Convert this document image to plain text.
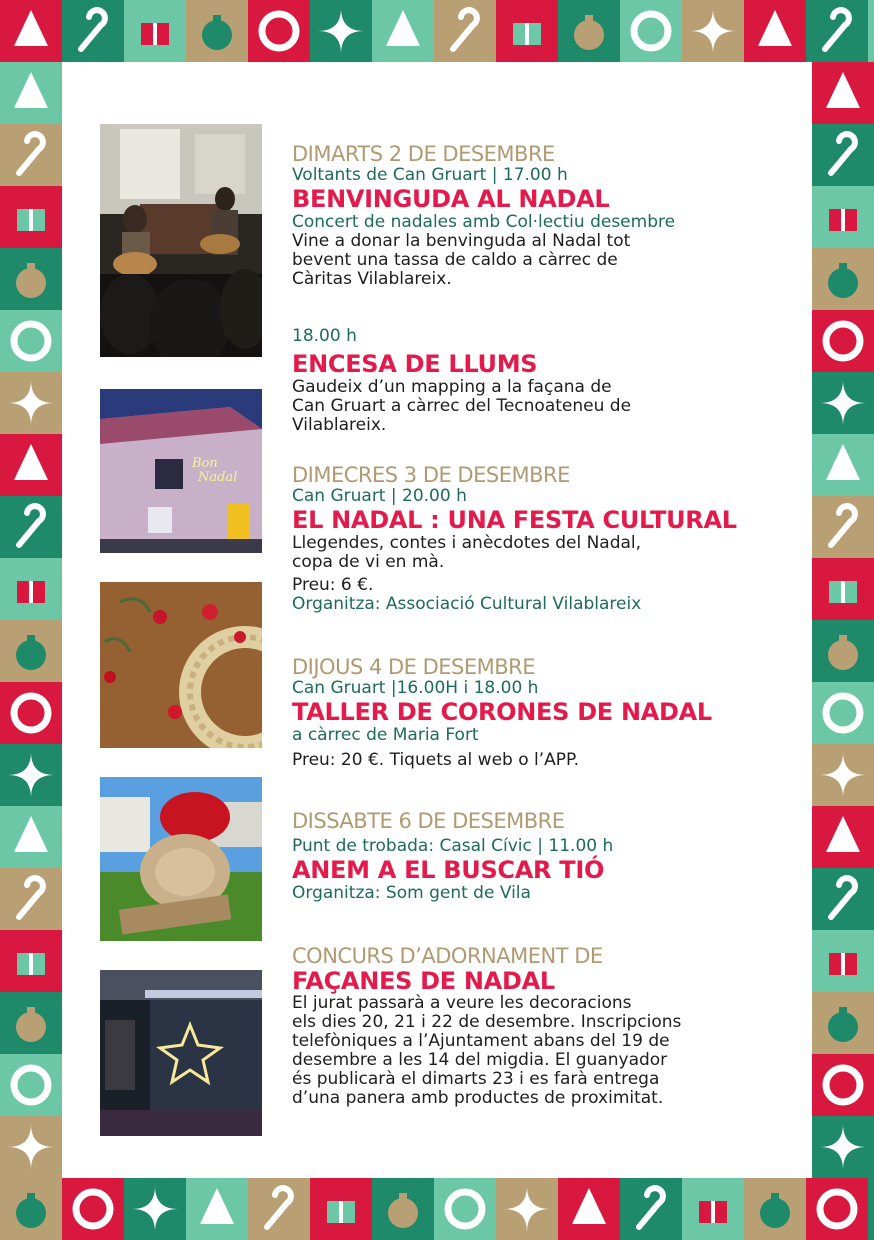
Bon
Nadal

DIMARTS 2 DE DESEMBRE

Voltants de Can Gruart | 17.00 h

BENVINGUDA AL NADAL

Concert de nadales amb Col·lectiu desembre

Vine a donar la benvinguda al Nadal tot

bevent una tassa de caldo a càrrec de

Càritas Vilablareix.

18.00 h

ENCESA DE LLUMS

Gaudeix d’un mapping a la façana de

Can Gruart a càrrec del Tecnoateneu de

Vilablareix.

DIMECRES 3 DE DESEMBRE

Can Gruart | 20.00 h

EL NADAL : UNA FESTA CULTURAL

Llegendes, contes i anècdotes del Nadal,

copa de vi en mà.

Preu: 6 €.

Organitza: Associació Cultural Vilablareix

DIJOUS 4 DE DESEMBRE

Can Gruart |16.00H i 18.00 h

TALLER DE CORONES DE NADAL

a càrrec de Maria Fort

Preu: 20 €. Tiquets al web o l’APP.

DISSABTE 6 DE DESEMBRE

Punt de trobada: Casal Cívic | 11.00 h

ANEM A EL BUSCAR TIÓ

Organitza: Som gent de Vila

CONCURS D’ADORNAMENT DE

FAÇANES DE NADAL

El jurat passarà a veure les decoracions

els dies 20, 21 i 22 de desembre. Inscripcions

telefòniques a l’Ajuntament abans del 19 de

desembre a les 14 del migdia. El guanyador

és publicarà el dimarts 23 i es farà entrega

d’una panera amb productes de proximitat.
